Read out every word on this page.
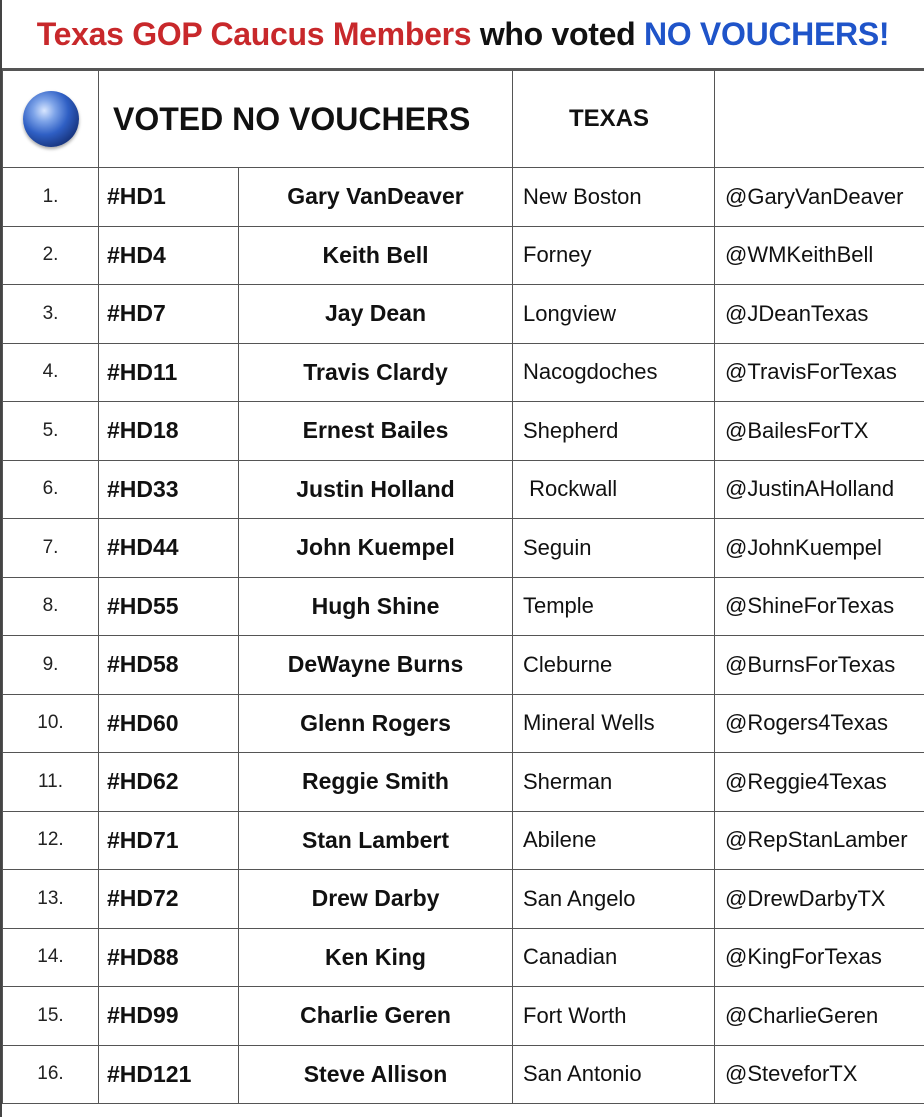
Texas GOP Caucus Members who voted NO VOUCHERS!
	VOTED NO VOUCHERS		TEXAS	
1.	#HD1	Gary VanDeaver	New Boston	@GaryVanDeaver
2.	#HD4	Keith Bell	Forney	@WMKeithBell
3.	#HD7	Jay Dean	Longview	@JDeanTexas
4.	#HD11	Travis Clardy	Nacogdoches	@TravisForTexas
5.	#HD18	Ernest Bailes	Shepherd	@BailesForTX
6.	#HD33	Justin Holland	Rockwall	@JustinAHolland
7.	#HD44	John Kuempel	Seguin	@JohnKuempel
8.	#HD55	Hugh Shine	Temple	@ShineForTexas
9.	#HD58	DeWayne Burns	Cleburne	@BurnsForTexas
10.	#HD60	Glenn Rogers	Mineral Wells	@Rogers4Texas
11.	#HD62	Reggie Smith	Sherman	@Reggie4Texas
12.	#HD71	Stan Lambert	Abilene	@RepStanLamber
13.	#HD72	Drew Darby	San Angelo	@DrewDarbyTX
14.	#HD88	Ken King	Canadian	@KingForTexas
15.	#HD99	Charlie Geren	Fort Worth	@CharlieGeren
16.	#HD121	Steve Allison	San Antonio	@SteveforTX
